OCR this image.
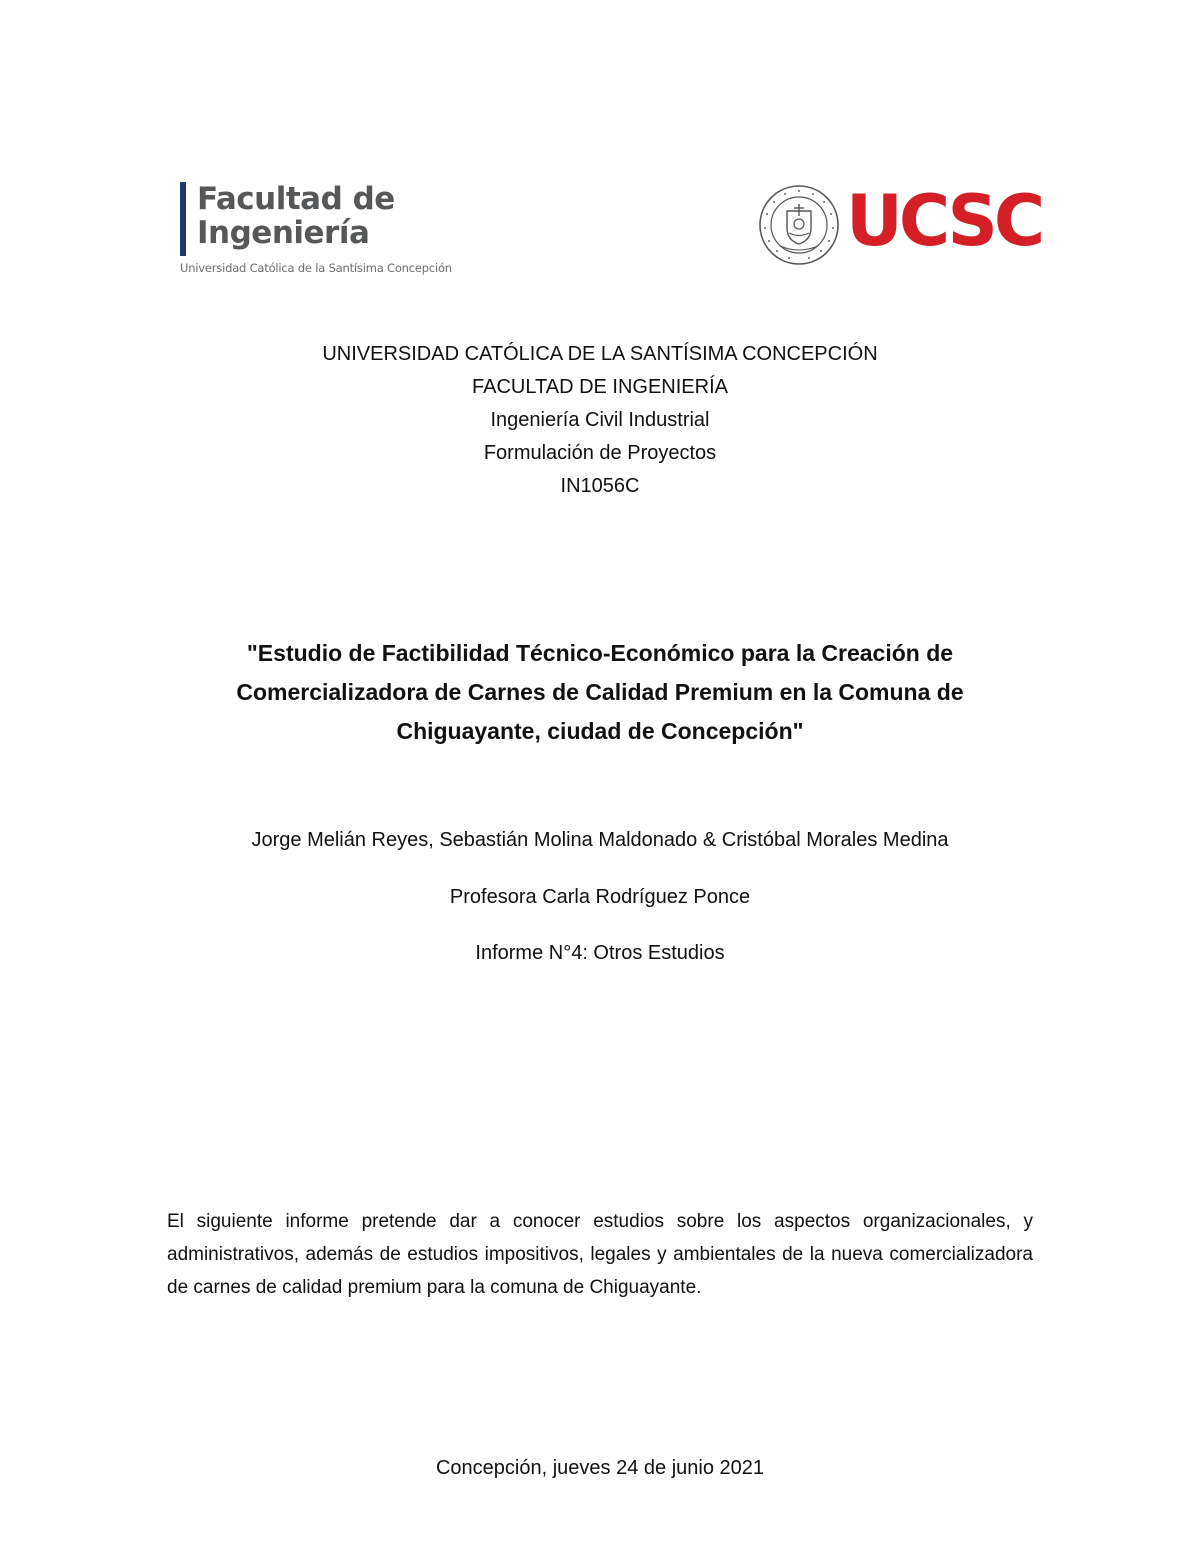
Facultad de
Ingeniería
Universidad Católica de la Santísima Concepción
UCSC
UNIVERSIDAD CATÓLICA DE LA SANTÍSIMA CONCEPCIÓN
FACULTAD DE INGENIERÍA
Ingeniería Civil Industrial
Formulación de Proyectos
IN1056C
"Estudio de Factibilidad Técnico-Económico para la Creación de
Comercializadora de Carnes de Calidad Premium en la Comuna de
Chiguayante, ciudad de Concepción"
Jorge Melián Reyes, Sebastián Molina Maldonado & Cristóbal Morales Medina
Profesora Carla Rodríguez Ponce
Informe N°4: Otros Estudios

El siguiente informe pretende dar a conocer estudios sobre los aspectos organizacionales, y administrativos, además de estudios impositivos, legales y ambientales de la nueva comercializadora de carnes de calidad premium para la comuna de Chiguayante.

Concepción, jueves 24 de junio 2021
